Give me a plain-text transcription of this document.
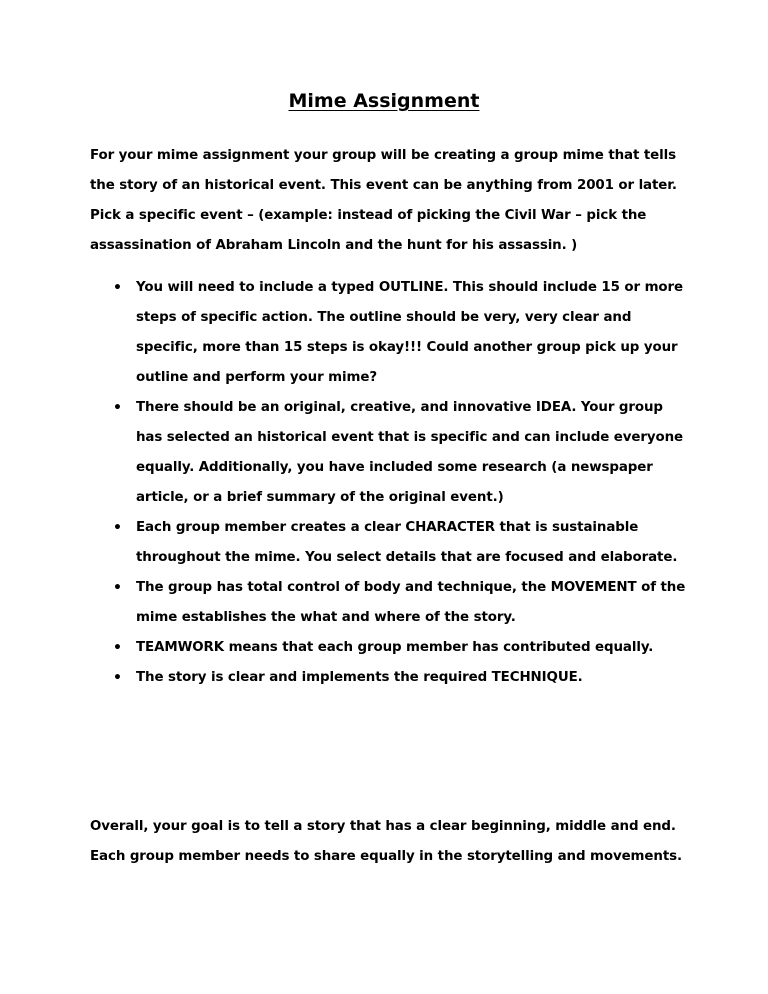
Mime Assignment

For your mime assignment your group will be creating a group mime that tells the story of an historical event. This event can be anything from 2001 or later. Pick a specific event – (example: instead of picking the Civil War – pick the assassination of Abraham Lincoln and the hunt for his assassin. )

• You will need to include a typed OUTLINE. This should include 15 or more steps of specific action. The outline should be very, very clear and specific, more than 15 steps is okay!!! Could another group pick up your outline and perform your mime?
• There should be an original, creative, and innovative IDEA. Your group has selected an historical event that is specific and can include everyone equally. Additionally, you have included some research (a newspaper article, or a brief summary of the original event.)
• Each group member creates a clear CHARACTER that is sustainable throughout the mime. You select details that are focused and elaborate.
• The group has total control of body and technique, the MOVEMENT of the mime establishes the what and where of the story.
• TEAMWORK means that each group member has contributed equally.
• The story is clear and implements the required TECHNIQUE.

Overall, your goal is to tell a story that has a clear beginning, middle and end. Each group member needs to share equally in the storytelling and movements.
